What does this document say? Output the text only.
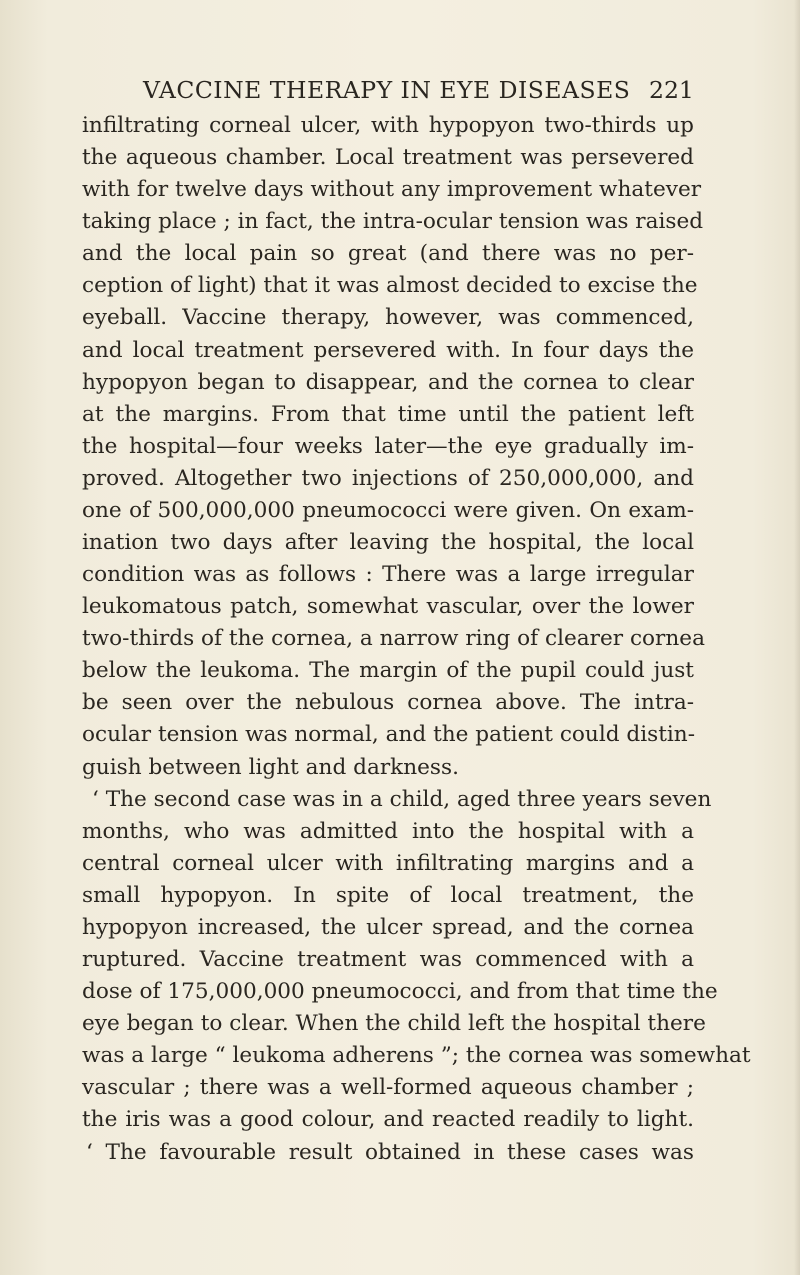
VACCINE THERAPY IN EYE DISEASES 221
infiltrating corneal ulcer, with hypopyon two-thirds up
the aqueous chamber. Local treatment was persevered
with for twelve days without any improvement whatever
taking place ; in fact, the intra-ocular tension was raised
and the local pain so great (and there was no per-
ception of light) that it was almost decided to excise the
eyeball. Vaccine therapy, however, was commenced,
and local treatment persevered with. In four days the
hypopyon began to disappear, and the cornea to clear
at the margins. From that time until the patient left
the hospital—four weeks later—the eye gradually im-
proved. Altogether two injections of 250,000,000, and
one of 500,000,000 pneumococci were given. On exam-
ination two days after leaving the hospital, the local
condition was as follows : There was a large irregular
leukomatous patch, somewhat vascular, over the lower
two-thirds of the cornea, a narrow ring of clearer cornea
below the leukoma. The margin of the pupil could just
be seen over the nebulous cornea above. The intra-
ocular tension was normal, and the patient could distin-
guish between light and darkness.
‘ The second case was in a child, aged three years seven
months, who was admitted into the hospital with a
central corneal ulcer with infiltrating margins and a
small hypopyon. In spite of local treatment, the
hypopyon increased, the ulcer spread, and the cornea
ruptured. Vaccine treatment was commenced with a
dose of 175,000,000 pneumococci, and from that time the
eye began to clear. When the child left the hospital there
was a large “ leukoma adherens ”; the cornea was somewhat
vascular ; there was a well-formed aqueous chamber ;
the iris was a good colour, and reacted readily to light.
‘ The favourable result obtained in these cases was
